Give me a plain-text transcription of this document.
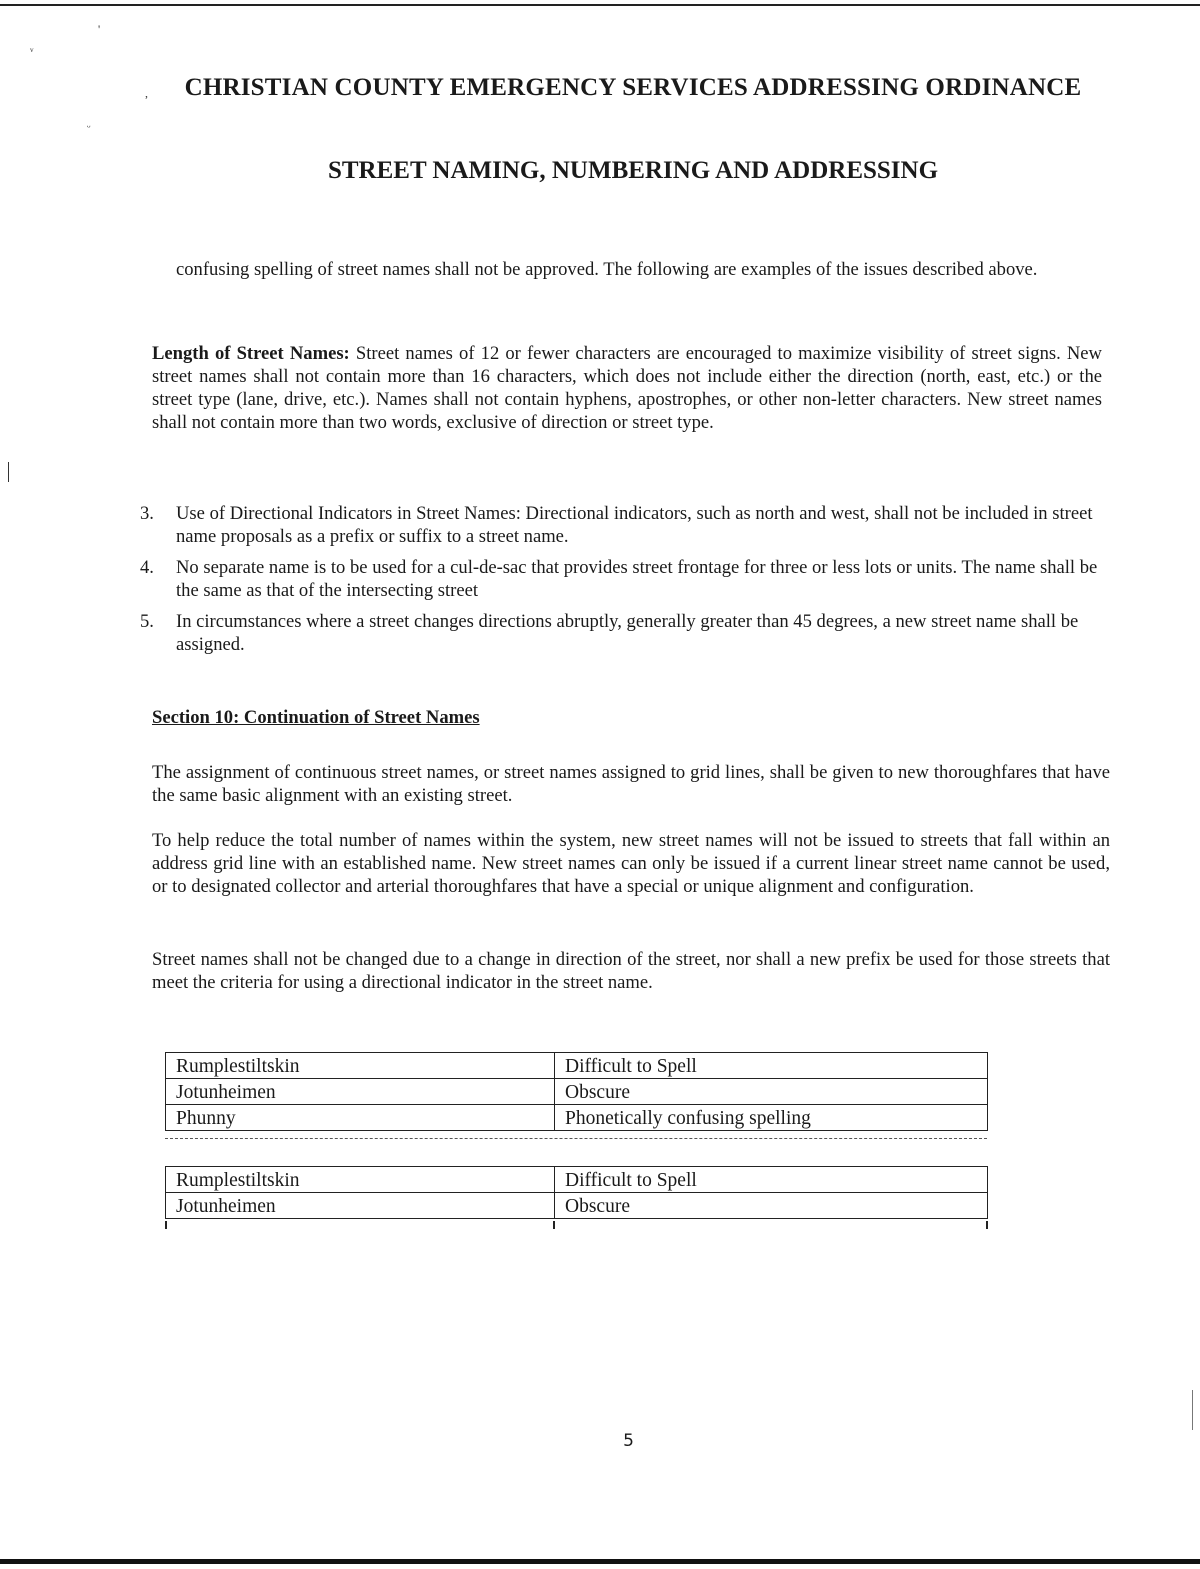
'
ᵥ
,
ᵕ
CHRISTIAN COUNTY EMERGENCY SERVICES ADDRESSING ORDINANCE
STREET NAMING, NUMBERING AND ADDRESSING

confusing spelling of street names shall not be approved. The following are examples of the issues described above.

Length of Street Names: Street names of 12 or fewer characters are encouraged to maximize visibility of street signs. New street names shall not contain more than 16 characters, which does not include either the direction (north, east, etc.) or the street type (lane, drive, etc.). Names shall not contain hyphens, apostrophes, or other non-letter characters. New street names shall not contain more than two words, exclusive of direction or street type.

3.	Use of Directional Indicators in Street Names: Directional indicators, such as north and west, shall not be included in street name proposals as a prefix or suffix to a street name.
4.	No separate name is to be used for a cul-de-sac that provides street frontage for three or less lots or units. The name shall be the same as that of the intersecting street
5.	In circumstances where a street changes directions abruptly, generally greater than 45 degrees, a new street name shall be assigned.
Section 10: Continuation of Street Names

The assignment of continuous street names, or street names assigned to grid lines, shall be given to new thoroughfares that have the same basic alignment with an existing street.

To help reduce the total number of names within the system, new street names will not be issued to streets that fall within an address grid line with an established name. New street names can only be issued if a current linear street name cannot be used, or to designated collector and arterial thoroughfares that have a special or unique alignment and configuration.

Street names shall not be changed due to a change in direction of the street, nor shall a new prefix be used for those streets that meet the criteria for using a directional indicator in the street name.

Rumplestiltskin	Difficult to Spell
Jotunheimen	Obscure
Phunny	Phonetically confusing spelling
Rumplestiltskin	Difficult to Spell
Jotunheimen	Obscure
5
